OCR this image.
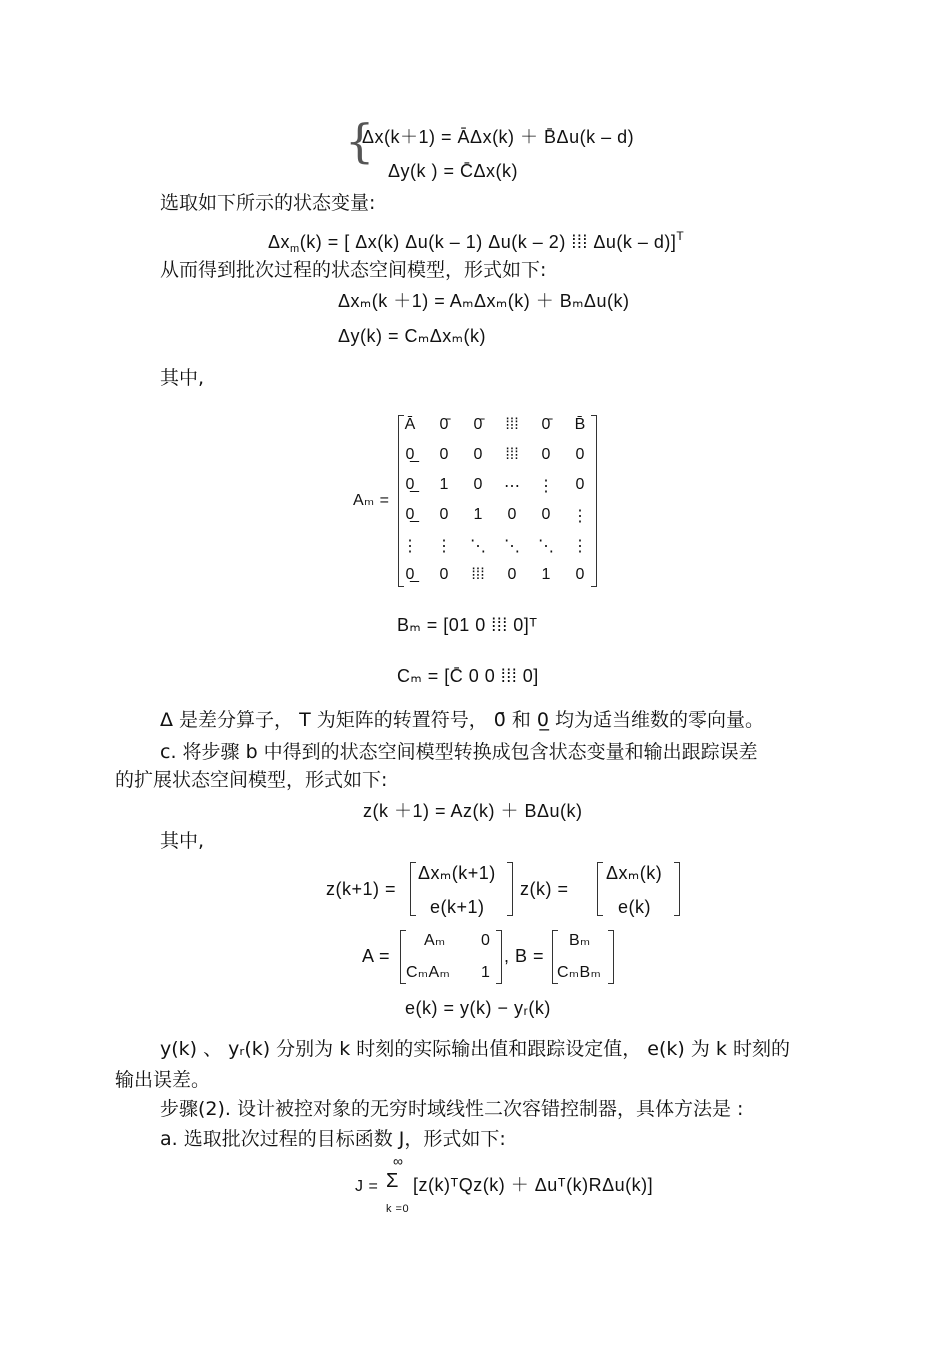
{
Δx(k＋1) = ĀΔx(k) ＋ B̄Δu(k – d)
Δy(k ) = C̄Δx(k)
选取如下所示的状态变量:
$\Delta x_m(k)$ = [ Δx(k) Δu(k – 1) Δu(k – 2) ⁞⁞⁞ Δu(k – d)]$^T$
从而得到批次过程的状态空间模型，形式如下:
Δxₘ(k ＋1) = AₘΔxₘ(k) ＋ BₘΔu(k)
Δy(k) = CₘΔxₘ(k)
其中,
Aₘ =
Ā	0̄	0̄	⁞⁞⁞	0̄	B̄
0̲	0	0	⁞⁞⁞	0	0
0̲	1	0	⋯	⋮	0
0̲	0	1	0	0	⋮
⋮	⋮	⋱	⋱	⋱	⋮
0̲	0	⁞⁞⁞	0	1	0
Bₘ = [01 0 ⁞⁞⁞ 0]ᵀ
Cₘ = [C̄ 0 0 ⁞⁞⁞ 0]
Δ 是差分算子， T 为矩阵的转置符号， 0̄ 和 0̲ 均为适当维数的零向量。
c. 将步骤 b 中得到的状态空间模型转换成包含状态变量和输出跟踪误差
的扩展状态空间模型，形式如下:
z(k ＋1) = Az(k) ＋ BΔu(k)
其中,
z(k+1) =
Δxₘ(k+1)
e(k+1)
z(k) =
Δxₘ(k)
e(k)
A =
Aₘ 0
CₘAₘ 1
, B =
Bₘ
CₘBₘ
e(k) = y(k) − yᵣ(k)
y(k) 、 yᵣ(k) 分别为 k 时刻的实际输出值和跟踪设定值， e(k) 为 k 时刻的
输出误差。
步骤(2). 设计被控对象的无穷时域线性二次容错控制器，具体方法是 :
a. 选取批次过程的目标函数 J，形式如下:
J =
∞
Σ
k =0
[z(k)ᵀQz(k) ＋ Δuᵀ(k)RΔu(k)]
